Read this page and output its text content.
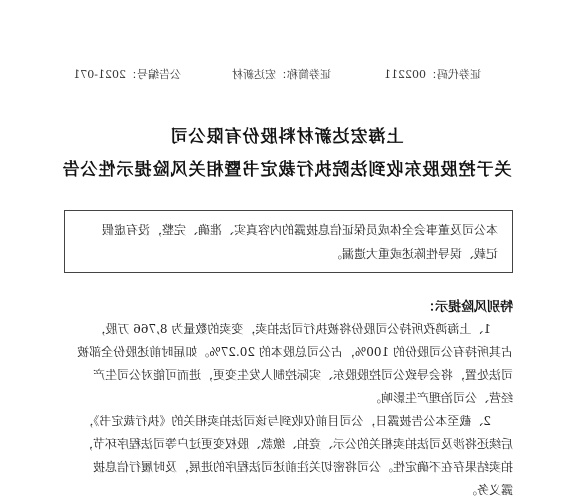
证券代码：002211
证券简称：宏达新材
公告编号：2021-071
上海宏达新材料股份有限公司
关于控股股东收到法院执行裁定书暨相关风险提示性公告

本公司及董事会全体成员保证信息披露的内容真实、准确、完整，没有虚假

记载、误导性陈述或重大遗漏。

特别风险提示：
1、上海鸿孜所持公司股份将被执行司法拍卖，变卖的数量为 8,766 万股，
占其所持有公司股份的 100%，占公司总股本的 20.27%。如届时前述股份全部被
司法处置，将会导致公司控股股东、实际控制人发生变更，进而可能对公司生产
经营、公司治理产生影响。
2、截至本公告披露日，公司目前仅收到与该司法拍卖相关的《执行裁定书》，
后续还将涉及司法拍卖相关的公示、竞拍、缴款、股权变更过户等司法程序环节，
拍卖结果存在不确定性。公司将密切关注前述司法程序的进展，及时履行信息披
露义务。
